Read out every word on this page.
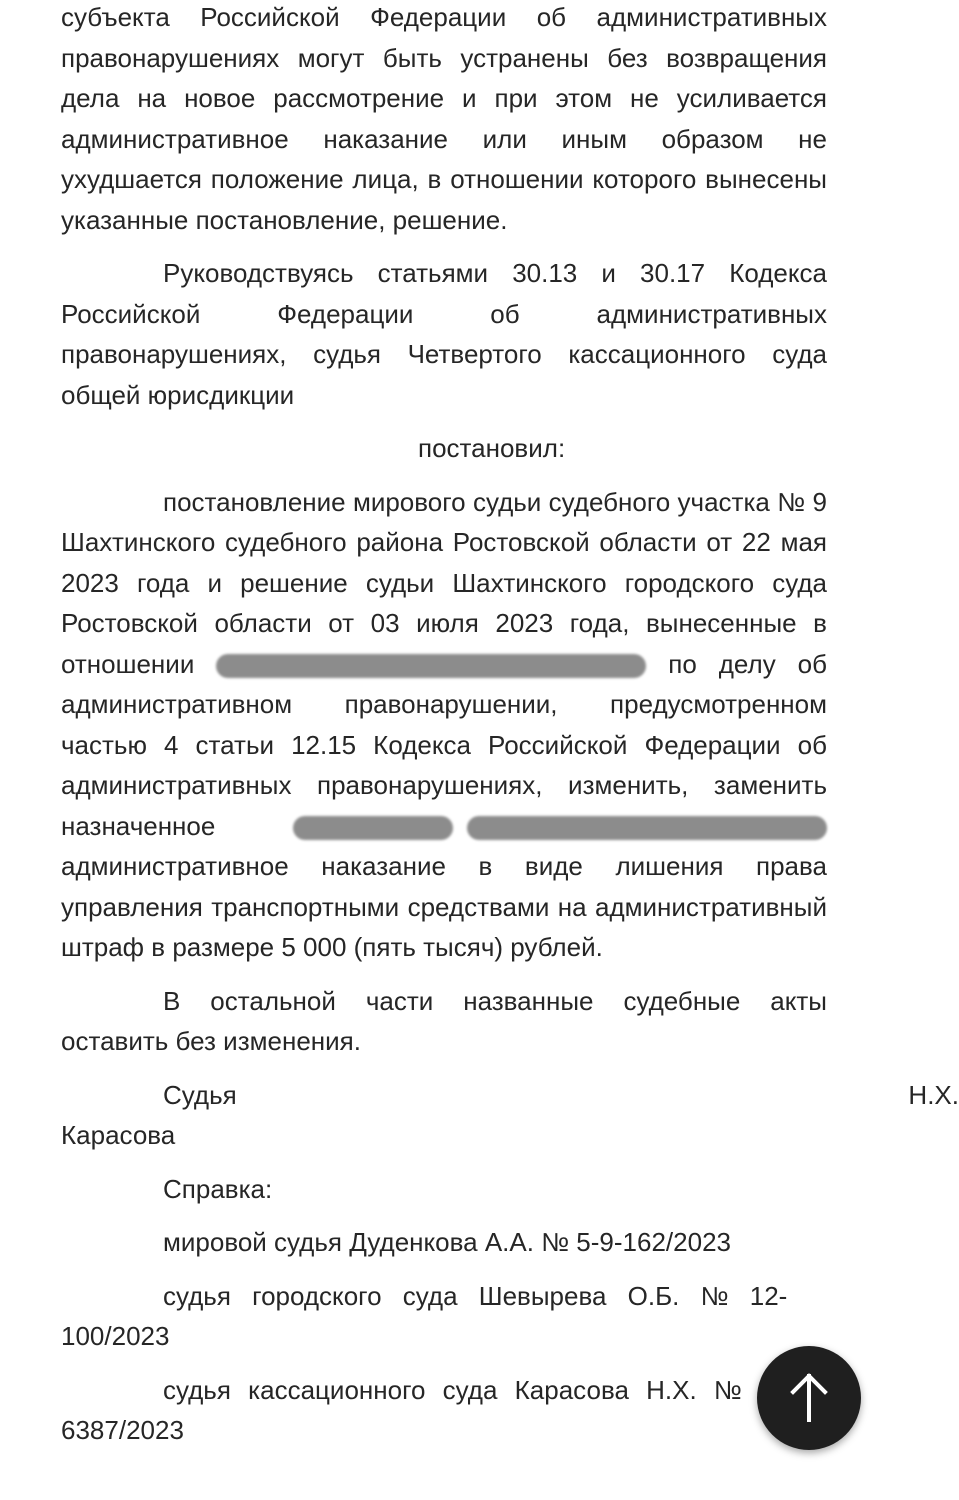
субъекта Российской Федерации об административных правонарушениях могут быть устранены без возвращения дела на новое рассмотрение и при этом не усиливается административное наказание или иным образом не ухудшается положение лица, в отношении которого вынесены указанные постановление, решение.

Руководствуясь статьями 30.13 и 30.17 Кодекса Российской Федерации об административных правонарушениях, судья Четвертого кассационного суда общей юрисдикции

постановил:

постановление мирового судьи судебного участка № 9 Шахтинского судебного района Ростовской области от 22 мая 2023 года и решение судьи Шахтинского городского суда Ростовской области от 03 июля 2023 года, вынесенные в отношении	по делу об административном правонарушении, предусмотренном частью 4 статьи 12.15 Кодекса Российской Федерации об административных правонарушениях, изменить, заменить назначенное  административное наказание в виде лишения права управления транспортными средствами на административный штраф в размере 5 000 (пять тысяч) рублей.

В остальной части названные судебные акты оставить без изменения.

Судья	Н.Х.
Карасова

Справка:

мировой судья Дуденкова А.А. № 5-9-162/2023

судья городского суда Шевырева О.Б. № 12-
100/2023
судья кассационного суда Карасова Н.Х. №
6387/2023
